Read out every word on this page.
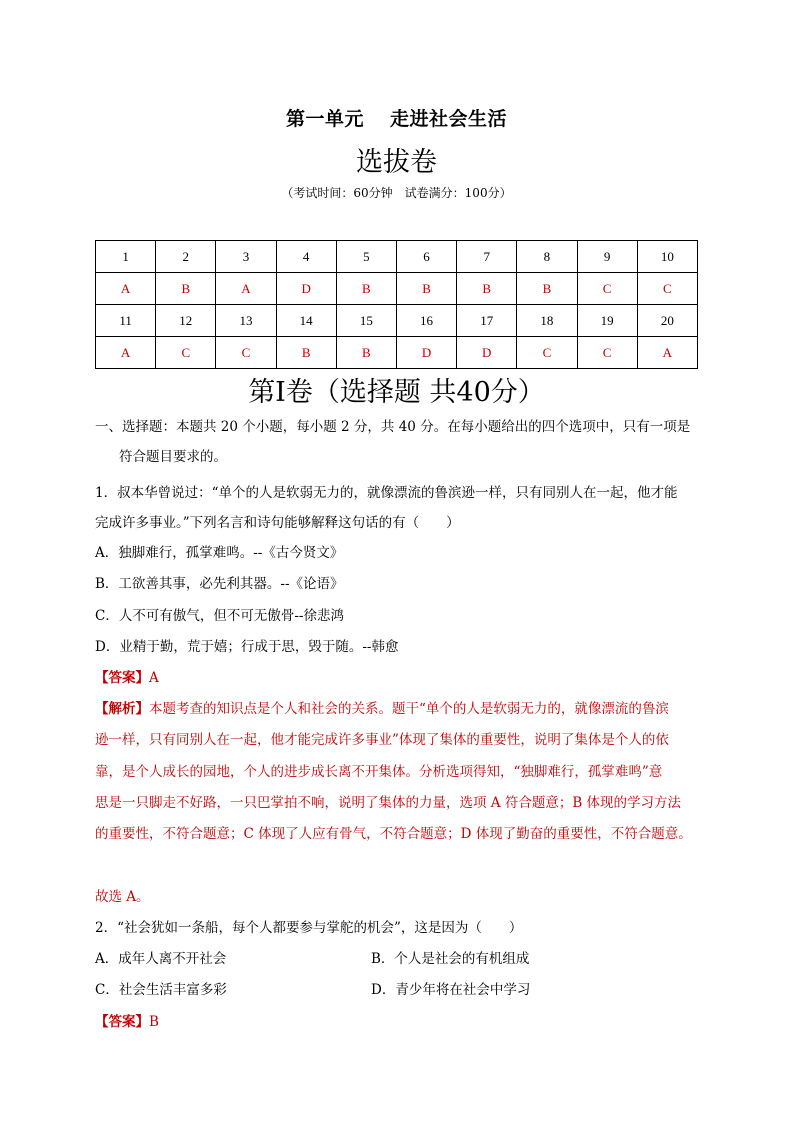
第一单元 走进社会生活
选拔卷
（考试时间：60分钟　试卷满分：100分）
1	2	3	4	5	6	7	8	9	10
A	B	A	D	B	B	B	B	C	C
11	12	13	14	15	16	17	18	19	20
A	C	C	B	B	D	D	C	C	A
第Ⅰ卷（选择题 共40分）
一、选择题：本题共 20 个小题，每小题 2 分，共 40 分。在每小题给出的四个选项中，只有一项是
符合题目要求的。
1．叔本华曾说过：“单个的人是软弱无力的，就像漂流的鲁滨逊一样，只有同别人在一起，他才能
完成许多事业。”下列名言和诗句能够解释这句话的有（　　）
A．独脚难行，孤掌难鸣。--《古今贤文》
B．工欲善其事，必先利其器。--《论语》
C．人不可有傲气，但不可无傲骨--徐悲鸿
D．业精于勤，荒于嬉；行成于思，毁于随。--韩愈
【答案】A
【解析】本题考查的知识点是个人和社会的关系。题干“单个的人是软弱无力的，就像漂流的鲁滨
逊一样，只有同别人在一起，他才能完成许多事业”体现了集体的重要性，说明了集体是个人的依
靠，是个人成长的园地，个人的进步成长离不开集体。分析选项得知，“独脚难行，孤掌难鸣”意
思是一只脚走不好路，一只巴掌拍不响，说明了集体的力量，选项 A 符合题意；B 体现的学习方法
的重要性，不符合题意；C 体现了人应有骨气，不符合题意；D 体现了勤奋的重要性，不符合题意。
故选 A。
2．“社会犹如一条船，每个人都要参与掌舵的机会”，这是因为（　　）
A．成年人离不开社会	B．个人是社会的有机组成
C．社会生活丰富多彩	D．青少年将在社会中学习
【答案】B
